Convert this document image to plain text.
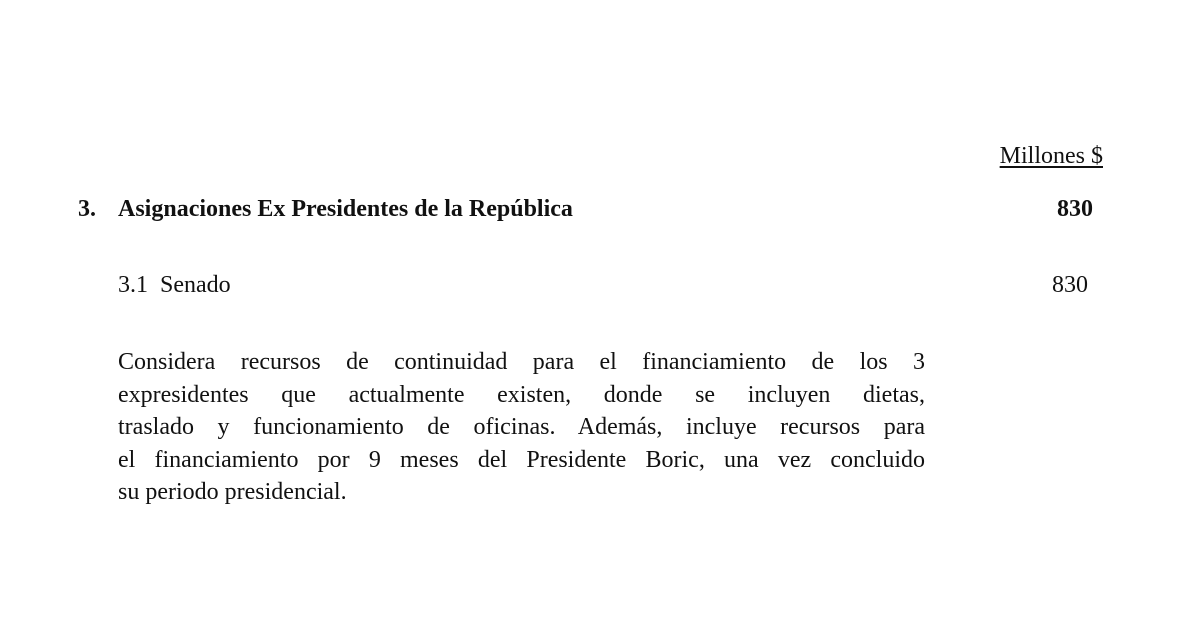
Millones $
3. Asignaciones Ex Presidentes de la República	830
3.1  Senado	830
Considera recursos de continuidad para el financiamiento de los 3
expresidentes que actualmente existen, donde se incluyen dietas,
traslado y funcionamiento de oficinas. Además, incluye recursos para
el financiamiento por 9 meses del Presidente Boric, una vez concluido
su periodo presidencial.
